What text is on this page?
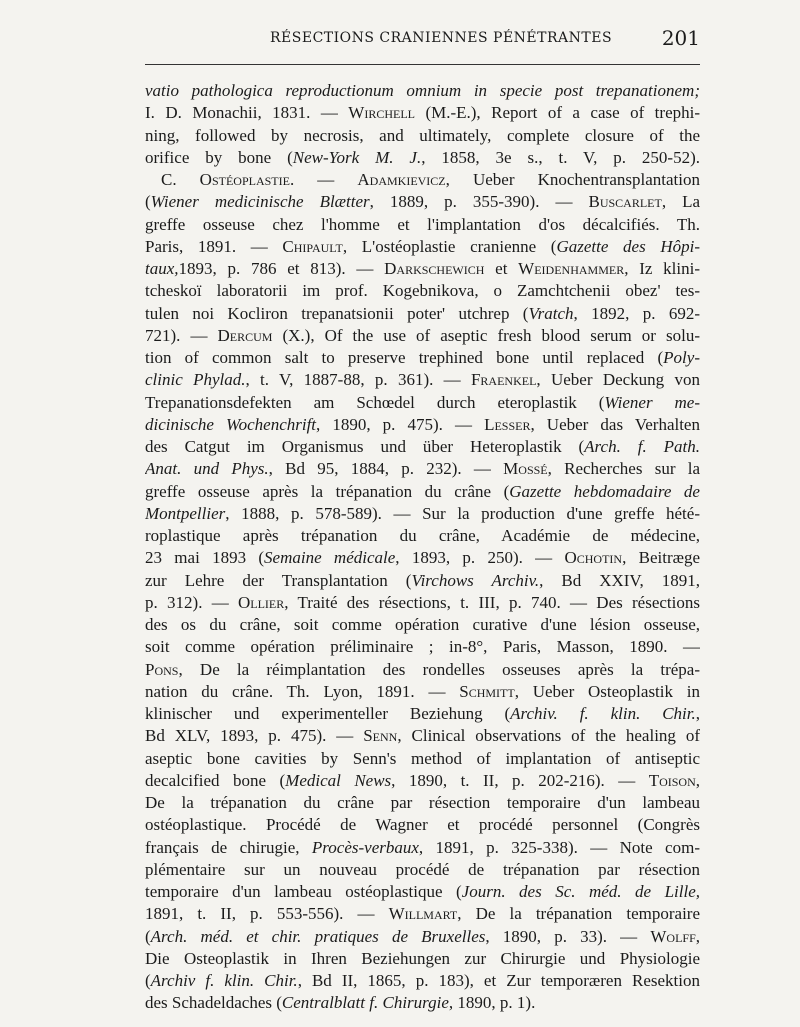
RÉSECTIONS CRANIENNES PÉNÉTRANTES 201
vatio pathologica reproductionum omnium in specie post trepanationem;
I. D. Monachii, 1831. — Wirchell (M.-E.), Report of a case of trephi-
ning, followed by necrosis, and ultimately, complete closure of the
orifice by bone (New-York M. J., 1858, 3e s., t. V, p. 250-52).
C. Ostéoplastie. — Adamkievicz, Ueber Knochentransplantation
(Wiener medicinische Blætter, 1889, p. 355-390). — Buscarlet, La
greffe osseuse chez l'homme et l'implantation d'os décalcifiés. Th.
Paris, 1891. — Chipault, L'ostéoplastie cranienne (Gazette des Hôpi-
taux,1893, p. 786 et 813). — Darkschewich et Weidenhammer, Iz klini-
tcheskoï laboratorii im prof. Kogebnikova, o Zamchtchenii obez' tes-
tulen noi Kocliron trepanatsionii poter' utchrep (Vratch, 1892, p. 692-
721). — Dercum (X.), Of the use of aseptic fresh blood serum or solu-
tion of common salt to preserve trephined bone until replaced (Poly-
clinic Phylad., t. V, 1887-88, p. 361). — Fraenkel, Ueber Deckung von
Trepanationsdefekten am Schœdel durch eteroplastik (Wiener me-
dicinische Wochenchrift, 1890, p. 475). — Lesser, Ueber das Verhalten
des Catgut im Organismus und über Heteroplastik (Arch. f. Path.
Anat. und Phys., Bd 95, 1884, p. 232). — Mossé, Recherches sur la
greffe osseuse après la trépanation du crâne (Gazette hebdomadaire de
Montpellier, 1888, p. 578-589). — Sur la production d'une greffe hété-
roplastique après trépanation du crâne, Académie de médecine,
23 mai 1893 (Semaine médicale, 1893, p. 250). — Ochotin, Beitræge
zur Lehre der Transplantation (Virchows Archiv., Bd XXIV, 1891,
p. 312). — Ollier, Traité des résections, t. III, p. 740. — Des résections
des os du crâne, soit comme opération curative d'une lésion osseuse,
soit comme opération préliminaire ; in-8°, Paris, Masson, 1890. —
Pons, De la réimplantation des rondelles osseuses après la trépa-
nation du crâne. Th. Lyon, 1891. — Schmitt, Ueber Osteoplastik in
klinischer und experimenteller Beziehung (Archiv. f. klin. Chir.,
Bd XLV, 1893, p. 475). — Senn, Clinical observations of the healing of
aseptic bone cavities by Senn's method of implantation of antiseptic
decalcified bone (Medical News, 1890, t. II, p. 202-216). — Toison,
De la trépanation du crâne par résection temporaire d'un lambeau
ostéoplastique. Procédé de Wagner et procédé personnel (Congrès
français de chirugie, Procès-verbaux, 1891, p. 325-338). — Note com-
plémentaire sur un nouveau procédé de trépanation par résection
temporaire d'un lambeau ostéoplastique (Journ. des Sc. méd. de Lille,
1891, t. II, p. 553-556). — Willmart, De la trépanation temporaire
(Arch. méd. et chir. pratiques de Bruxelles, 1890, p. 33). — Wolff,
Die Osteoplastik in Ihren Beziehungen zur Chirurgie und Physiologie
(Archiv f. klin. Chir., Bd II, 1865, p. 183), et Zur temporæren Resektion
des Schadeldaches (Centralblatt f. Chirurgie, 1890, p. 1).
